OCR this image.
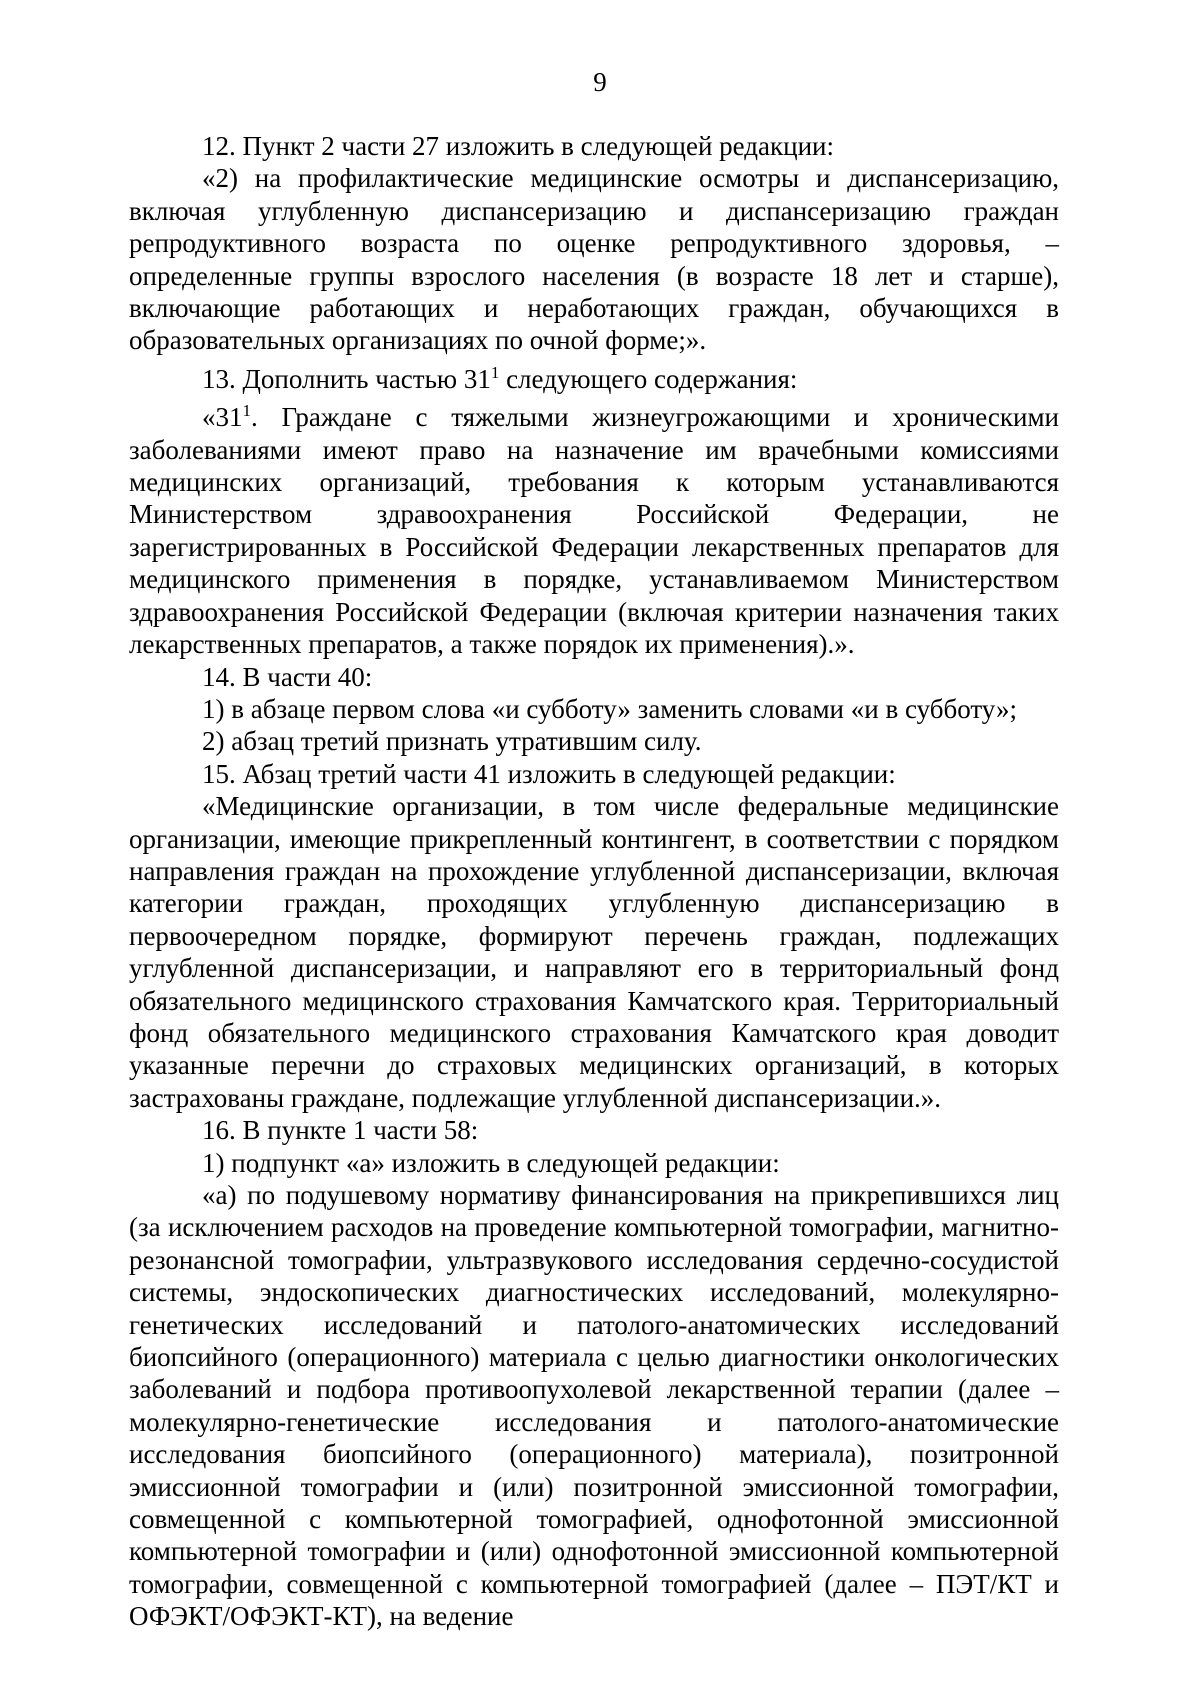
9

12. Пункт 2 части 27 изложить в следующей редакции:

«2) на профилактические медицинские осмотры и диспансеризацию, включая углубленную диспансеризацию и диспансеризацию граждан репродуктивного возраста по оценке репродуктивного здоровья, – определенные группы взрослого населения (в возрасте 18 лет и старше), включающие работающих и неработающих граждан, обучающихся в образовательных организациях по очной форме;».

13. Дополнить частью $31^1$ следующего содержания:

«$31^1$. Граждане с тяжелыми жизнеугрожающими и хроническими заболеваниями имеют право на назначение им врачебными комиссиями медицинских организаций, требования к которым устанавливаются Министерством здравоохранения Российской Федерации, не зарегистрированных в Российской Федерации лекарственных препаратов для медицинского применения в порядке, устанавливаемом Министерством здравоохранения Российской Федерации (включая критерии назначения таких лекарственных препаратов, а также порядок их применения).».

14. В части 40:

1) в абзаце первом слова «и субботу» заменить словами «и в субботу»;

2) абзац третий признать утратившим силу.

15. Абзац третий части 41 изложить в следующей редакции:

«Медицинские организации, в том числе федеральные медицинские организации, имеющие прикрепленный контингент, в соответствии с порядком направления граждан на прохождение углубленной диспансеризации, включая категории граждан, проходящих углубленную диспансеризацию в первоочередном порядке, формируют перечень граждан, подлежащих углубленной диспансеризации, и направляют его в территориальный фонд обязательного медицинского страхования Камчатского края. Территориальный фонд обязательного медицинского страхования Камчатского края доводит указанные перечни до страховых медицинских организаций, в которых застрахованы граждане, подлежащие углубленной диспансеризации.».

16. В пункте 1 части 58:

1) подпункт «а» изложить в следующей редакции:

«а) по подушевому нормативу финансирования на прикрепившихся лиц (за исключением расходов на проведение компьютерной томографии, магнитно-резонансной томографии, ультразвукового исследования сердечно-сосудистой системы, эндоскопических диагностических исследований, молекулярно-генетических исследований и патолого-анатомических исследований биопсийного (операционного) материала с целью диагностики онкологических заболеваний и подбора противоопухолевой лекарственной терапии (далее – молекулярно-генетические исследования и патолого-анатомические исследования биопсийного (операционного) материала), позитронной эмиссионной томографии и (или) позитронной эмиссионной томографии, совмещенной с компьютерной томографией, однофотонной эмиссионной компьютерной томографии и (или) однофотонной эмиссионной компьютерной томографии, совмещенной с компьютерной томографией (далее – ПЭТ/КТ и ОФЭКТ/ОФЭКТ-КТ), на ведение
